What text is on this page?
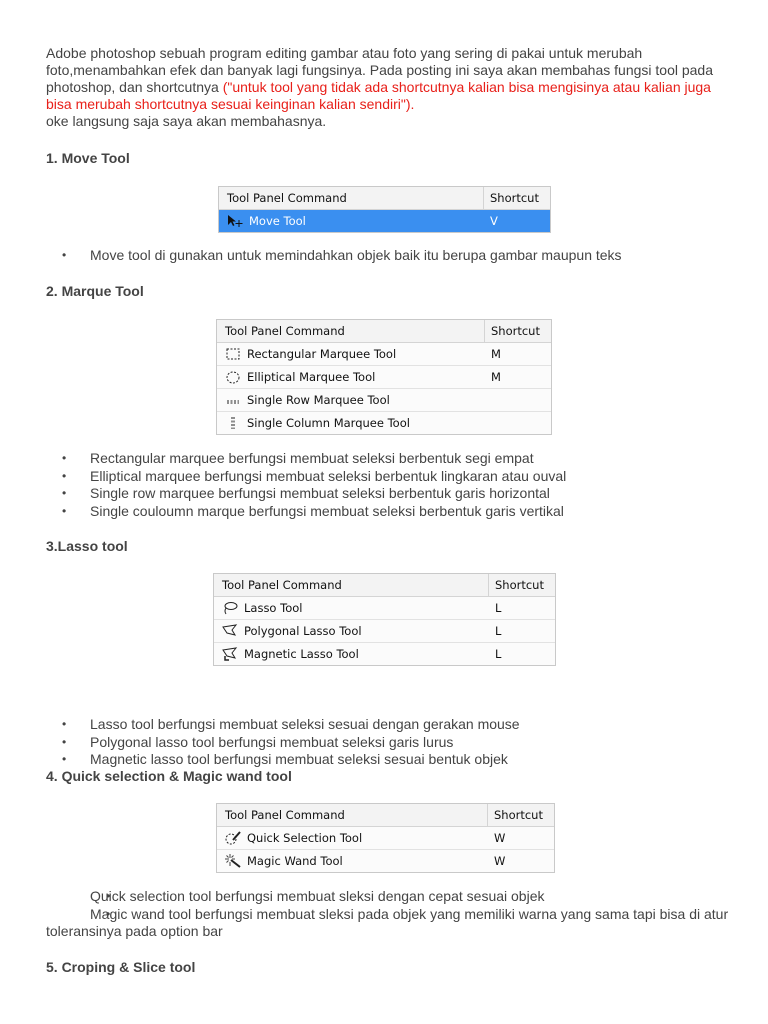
Adobe photoshop sebuah program editing gambar atau foto yang sering di pakai untuk merubah foto,menambahkan efek dan banyak lagi fungsinya. Pada posting ini saya akan membahas fungsi tool pada photoshop, dan shortcutnya ("untuk tool yang tidak ada shortcutnya kalian bisa mengisinya atau kalian juga bisa merubah shortcutnya sesuai keinginan kalian sendiri").
oke langsung saja saya akan membahasnya.
1. Move Tool
Tool Panel Command	Shortcut
Move Tool	V
• Move tool di gunakan untuk memindahkan objek baik itu berupa gambar maupun teks
2. Marque Tool
Tool Panel Command	Shortcut
Rectangular Marquee Tool	M
Elliptical Marquee Tool	M
Single Row Marquee Tool
Single Column Marquee Tool
• Rectangular marquee berfungsi membuat seleksi berbentuk segi empat
• Elliptical marquee berfungsi membuat seleksi berbentuk lingkaran atau ouval
• Single row marquee berfungsi membuat seleksi berbentuk garis horizontal
• Single couloumn marque berfungsi membuat seleksi berbentuk garis vertikal
3.Lasso tool
Tool Panel Command	Shortcut
Lasso Tool	L
Polygonal Lasso Tool	L
Magnetic Lasso Tool	L
• Lasso tool berfungsi membuat seleksi sesuai dengan gerakan mouse
• Polygonal lasso tool berfungsi membuat seleksi garis lurus
• Magnetic lasso tool berfungsi membuat seleksi sesuai bentuk objek
4. Quick selection & Magic wand tool
Tool Panel Command	Shortcut
Quick Selection Tool	W
Magic Wand Tool	W
• Quick selection tool berfungsi membuat sleksi dengan cepat sesuai objek
• Magic wand tool berfungsi membuat sleksi pada objek yang memiliki warna yang sama tapi bisa di atur toleransinya pada option bar
5. Croping & Slice tool
